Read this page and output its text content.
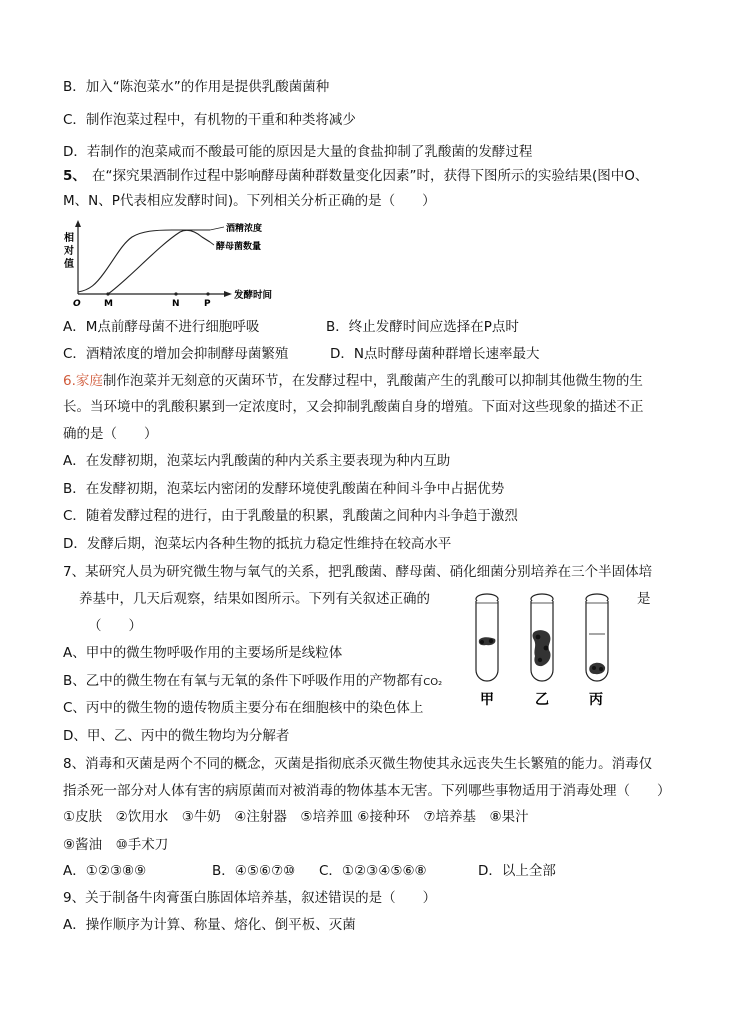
B．加入“陈泡菜水”的作用是提供乳酸菌菌种
C．制作泡菜过程中，有机物的干重和种类将减少
D．若制作的泡菜咸而不酸最可能的原因是大量的食盐抑制了乳酸菌的发酵过程
5、 在“探究果酒制作过程中影响酵母菌种群数量变化因素”时，获得下图所示的实验结果(图中O、
M、N、P代表相应发酵时间)。下列相关分析正确的是（　　）
相
对
值
酒精浓度
酵母菌数量
O	M	N	P
发酵时间
A．M点前酵母菌不进行细胞呼吸	B．终止发酵时间应选择在P点时
C．酒精浓度的增加会抑制酵母菌繁殖	D．N点时酵母菌种群增长速率最大
6.家庭制作泡菜并无刻意的灭菌环节，在发酵过程中，乳酸菌产生的乳酸可以抑制其他微生物的生
长。当环境中的乳酸积累到一定浓度时，又会抑制乳酸菌自身的增殖。下面对这些现象的描述不正
确的是（　　）
A．在发酵初期，泡菜坛内乳酸菌的种内关系主要表现为种内互助
B．在发酵初期，泡菜坛内密闭的发酵环境使乳酸菌在种间斗争中占据优势
C．随着发酵过程的进行，由于乳酸量的积累，乳酸菌之间种内斗争趋于激烈
D．发酵后期，泡菜坛内各种生物的抵抗力稳定性维持在较高水平
7、某研究人员为研究微生物与氧气的关系，把乳酸菌、酵母菌、硝化细菌分别培养在三个半固体培
养基中，几天后观察，结果如图所示。下列有关叙述正确的	是
（　　）
A、甲中的微生物呼吸作用的主要场所是线粒体
B、乙中的微生物在有氧与无氧的条件下呼吸作用的产物都有CO₂
C、丙中的微生物的遗传物质主要分布在细胞核中的染色体上
D、甲、乙、丙中的微生物均为分解者
甲	乙	丙
8、消毒和灭菌是两个不同的概念，灭菌是指彻底杀灭微生物使其永远丧失生长繁殖的能力。消毒仅
指杀死一部分对人体有害的病原菌而对被消毒的物体基本无害。下列哪些事物适用于消毒处理（　　）
①皮肤　②饮用水　③牛奶　④注射器　⑤培养皿 ⑥接种环　⑦培养基　⑧果汁
⑨酱油　⑩手术刀
A．①②③⑧⑨	B．④⑤⑥⑦⑩ C．①②③④⑤⑥⑧	D．以上全部
9、关于制备牛肉膏蛋白胨固体培养基，叙述错误的是（　　）
A．操作顺序为计算、称量、熔化、倒平板、灭菌
